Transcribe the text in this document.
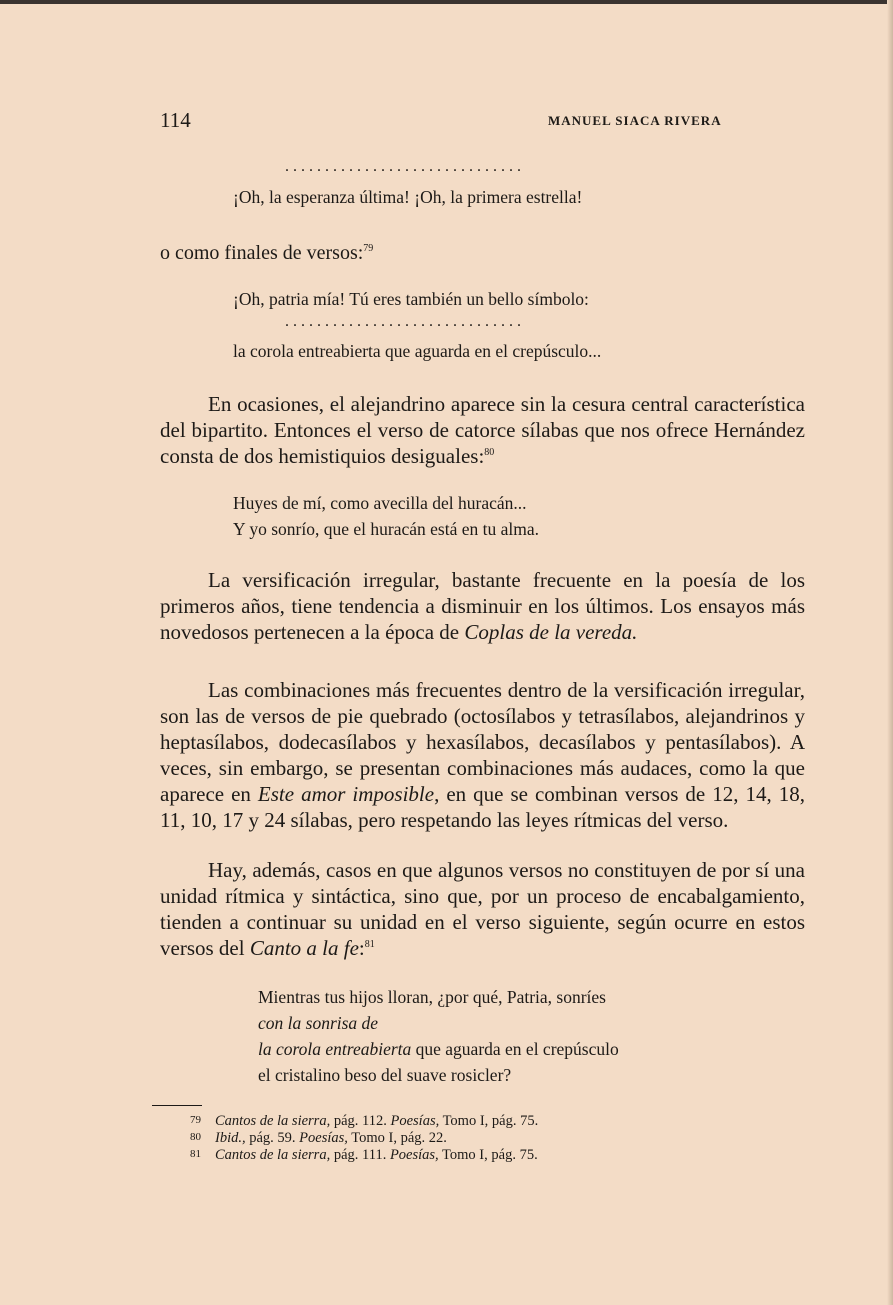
114	MANUEL SIACA RIVERA
..............................

¡Oh, la esperanza última! ¡Oh, la primera estrella!

o como finales de versos:$^{79}$

¡Oh, patria mía! Tú eres también un bello símbolo:

..............................

la corola entreabierta que aguarda en el crepúsculo...

En ocasiones, el alejandrino aparece sin la cesura central característica del bipartito. Entonces el verso de catorce sílabas que nos ofrece Hernández consta de dos hemistiquios desiguales:$^{80}$

Huyes de mí, como avecilla del huracán...

Y yo sonrío, que el huracán está en tu alma.

La versificación irregular, bastante frecuente en la poesía de los primeros años, tiene tendencia a disminuir en los últimos. Los ensayos más novedosos pertenecen a la época de Coplas de la vereda.

Las combinaciones más frecuentes dentro de la versificación irregular, son las de versos de pie quebrado (octosílabos y tetrasílabos, alejandrinos y heptasílabos, dodecasílabos y hexasílabos, decasílabos y pentasílabos). A veces, sin embargo, se presentan combinaciones más audaces, como la que aparece en Este amor imposible, en que se combinan versos de 12, 14, 18, 11, 10, 17 y 24 sílabas, pero respetando las leyes rítmicas del verso.

Hay, además, casos en que algunos versos no constituyen de por sí una unidad rítmica y sintáctica, sino que, por un proceso de encabalgamiento, tienden a continuar su unidad en el verso siguiente, según ocurre en estos versos del Canto a la fe:$^{81}$

Mientras tus hijos lloran, ¿por qué, Patria, sonríes

con la sonrisa de

la corola entreabierta que aguarda en el crepúsculo

el cristalino beso del suave rosicler?

79 Cantos de la sierra, pág. 112. Poesías, Tomo I, pág. 75.

80 Ibid., pág. 59. Poesías, Tomo I, pág. 22.

81 Cantos de la sierra, pág. 111. Poesías, Tomo I, pág. 75.
